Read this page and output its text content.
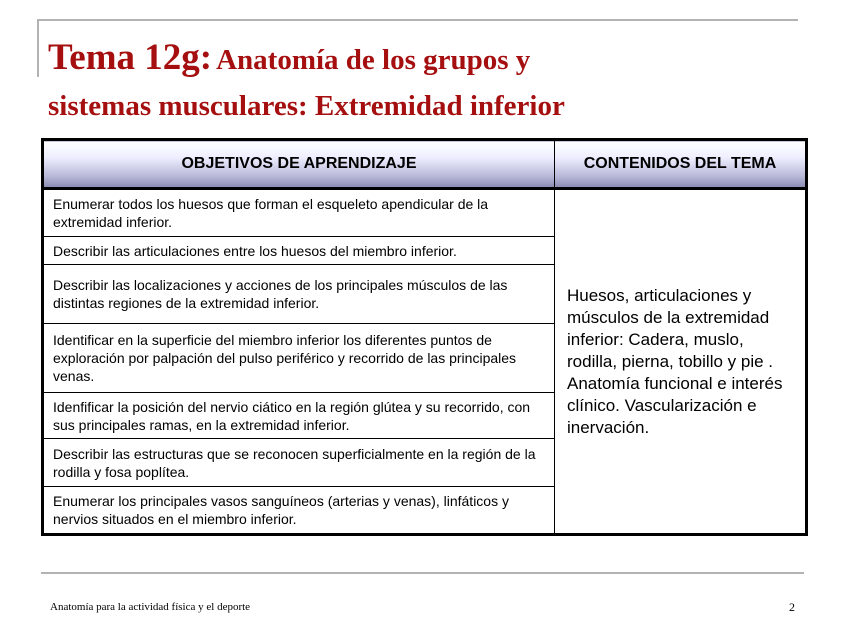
Tema 12g: Anatomía de los grupos y
sistemas musculares: Extremidad inferior
OBJETIVOS DE APRENDIZAJE	CONTENIDOS DEL TEMA
Enumerar todos los huesos que forman el esqueleto apendicular de la extremidad inferior.	Huesos, articulaciones y músculos de la extremidad inferior: Cadera, muslo, rodilla, pierna, tobillo y pie . Anatomía funcional e interés clínico. Vascularización e inervación.
Describir las articulaciones entre los huesos del miembro inferior.	
Describir las localizaciones y acciones de los principales músculos de las distintas regiones de la extremidad inferior.	
Identificar en la superficie del miembro inferior los diferentes puntos de exploración por palpación del pulso periférico y recorrido de las principales venas.	
Idenfificar la posición del nervio ciático en la región glútea y su recorrido, con sus principales ramas, en la extremidad inferior.	
Describir las estructuras que se reconocen superficialmente en la región de la rodilla y fosa poplítea.	
Enumerar los principales vasos sanguíneos (arterias y venas), linfáticos y nervios situados en el miembro inferior.	
Anatomía para la actividad física y el deporte	2
